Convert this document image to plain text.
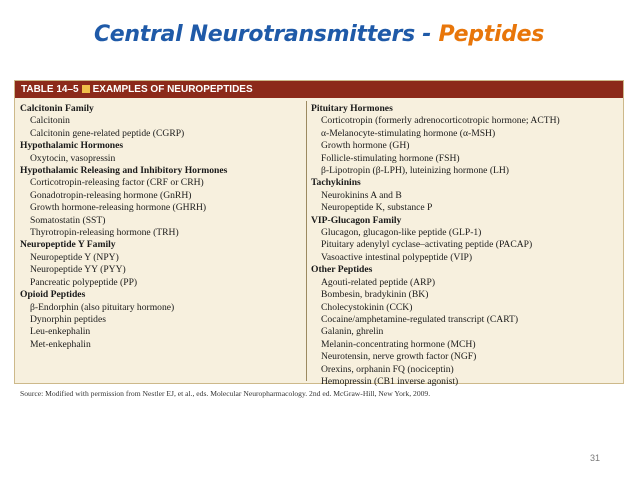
Central Neurotransmitters - Peptides
TABLE 14–5 EXAMPLES OF NEUROPEPTIDES
Calcitonin Family
Calcitonin
Calcitonin gene-related peptide (CGRP)
Hypothalamic Hormones
Oxytocin, vasopressin
Hypothalamic Releasing and Inhibitory Hormones
Corticotropin-releasing factor (CRF or CRH)
Gonadotropin-releasing hormone (GnRH)
Growth hormone-releasing hormone (GHRH)
Somatostatin (SST)
Thyrotropin-releasing hormone (TRH)
Neuropeptide Y Family
Neuropeptide Y (NPY)
Neuropeptide YY (PYY)
Pancreatic polypeptide (PP)
Opioid Peptides
β-Endorphin (also pituitary hormone)
Dynorphin peptides
Leu-enkephalin
Met-enkephalin
Pituitary Hormones
Corticotropin (formerly adrenocorticotropic hormone; ACTH)
α-Melanocyte-stimulating hormone (α-MSH)
Growth hormone (GH)
Follicle-stimulating hormone (FSH)
β-Lipotropin (β-LPH), luteinizing hormone (LH)
Tachykinins
Neurokinins A and B
Neuropeptide K, substance P
VIP-Glucagon Family
Glucagon, glucagon-like peptide (GLP-1)
Pituitary adenylyl cyclase–activating peptide (PACAP)
Vasoactive intestinal polypeptide (VIP)
Other Peptides
Agouti-related peptide (ARP)
Bombesin, bradykinin (BK)
Cholecystokinin (CCK)
Cocaine/amphetamine-regulated transcript (CART)
Galanin, ghrelin
Melanin-concentrating hormone (MCH)
Neurotensin, nerve growth factor (NGF)
Orexins, orphanin FQ (nociceptin)
Hemopressin (CB1 inverse agonist)
Source: Modified with permission from Nestler EJ, et al., eds. Molecular Neuropharmacology. 2nd ed. McGraw-Hill, New York, 2009.
31
